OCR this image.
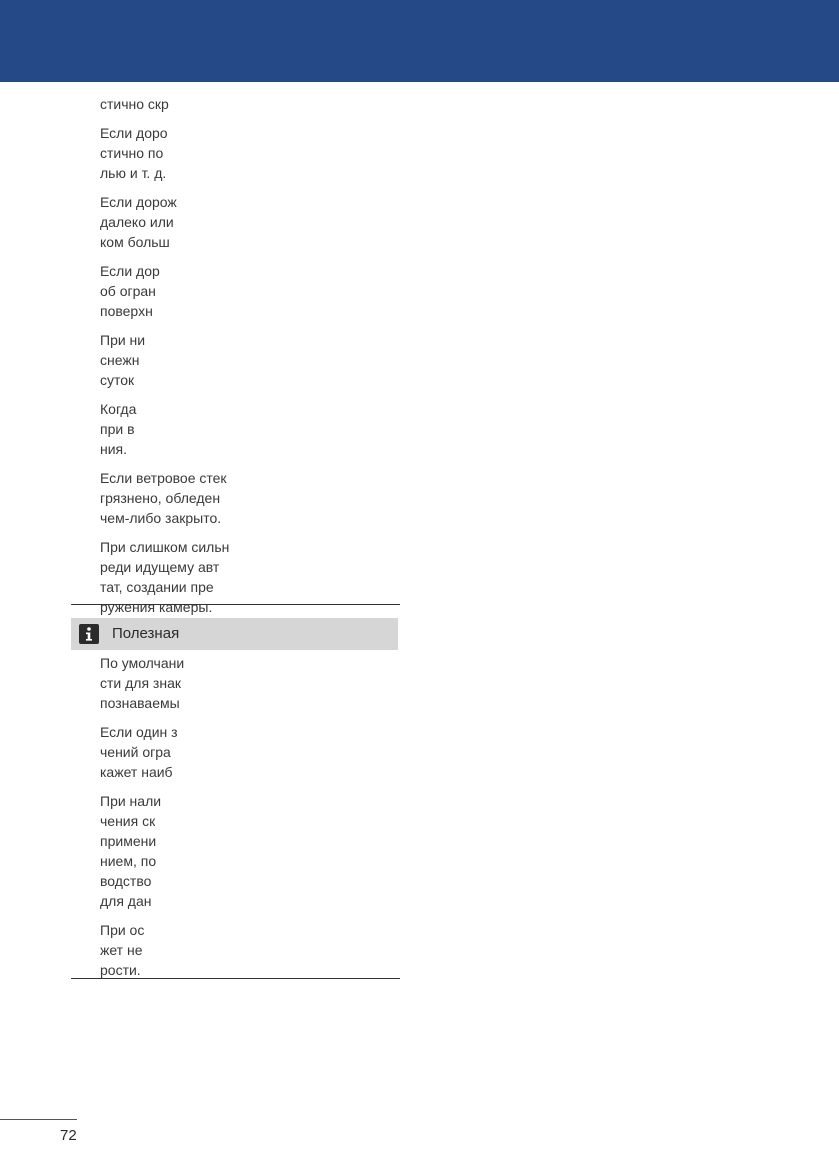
стично скр
Если доро
стично по
лью и т. д.
Если дорож
далеко или
ком больш
Если дор
об огран
поверхн
При ни
снежн
суток
Когда
при в
ния.
Если ветровое стек
грязнено, обледен
чем-либо закрыто.
При слишком сильн
реди идущему авт
тат, создании пре
ружения камеры.
Полезная
По умолчани
сти для знак
познаваемы
Если один з
чений огра
кажет наиб
При нали
чения ск
примени
нием, по
водство
для дан
При ос
жет не
рости.
72
